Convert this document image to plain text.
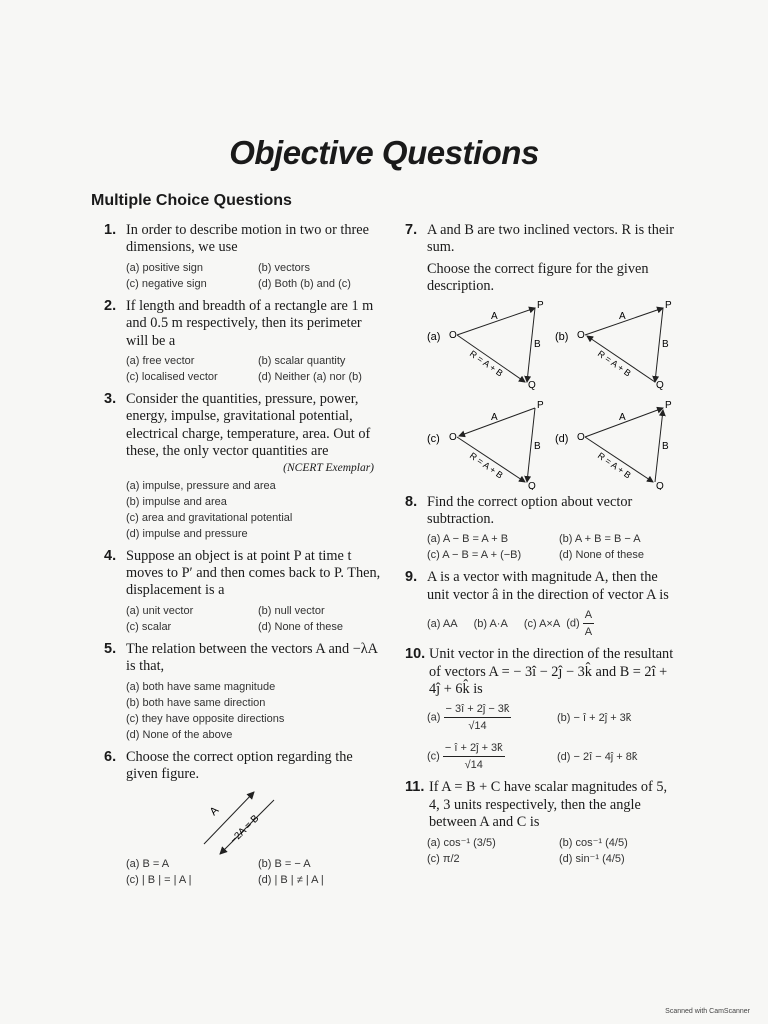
Objective Questions
Multiple Choice Questions
1. In order to describe motion in two or three dimensions, we use
(a) positive sign	(b) vectors
(c) negative sign	(d) Both (b) and (c)
2. If length and breadth of a rectangle are 1 m and 0.5 m respectively, then its perimeter will be a
(a) free vector	(b) scalar quantity
(c) localised vector	(d) Neither (a) nor (b)
3. Consider the quantities, pressure, power, energy, impulse, gravitational potential, electrical charge, temperature, area. Out of these, the only vector quantities are
(NCERT Exemplar)
(a) impulse, pressure and area
(b) impulse and area
(c) area and gravitational potential
(d) impulse and pressure
4. Suppose an object is at point P at time t moves to P′ and then comes back to P. Then, displacement is a
(a) unit vector	(b) null vector
(c) scalar	(d) None of these
5. The relation between the vectors A and −λA is that,
(a) both have same magnitude
(b) both have same direction
(c) they have opposite directions
(d) None of the above
6. Choose the correct option regarding the given figure.
A
−2A = B
(a) B = A	(b) B = − A
(c) | B | = | A |	(d) | B | ≠ | A |
7. A and B are two inclined vectors. R is their sum.
Choose the correct figure for the given description.
(a) O
P
Q
A
B
R = A + B
(b) O
P
Q
A
B
R = A + B
(c) O
P
Q
A
B
R = A + B
(d) O
P
Q
A
B
R = A + B
8. Find the correct option about vector subtraction.
(a) A − B = A + B	(b) A + B = B − A
(c) A − B = A + (−B)	(d) None of these
9. A is a vector with magnitude A, then the unit vector â in the direction of vector A is
(a) AA (b) A·A (c) A×A $(d) \frac{A}{A}$
10. Unit vector in the direction of the resultant of vectors A = − 3î − 2ĵ − 3k̂ and B = 2î + 4ĵ + 6k̂ is
$(a) \frac{- 3î + 2ĵ - 3k̂}{√14}$	(b) − î + 2ĵ + 3k̂
$(c) \frac{- î + 2ĵ + 3k̂}{√14}$	(d) − 2î − 4ĵ + 8k̂
11. If A = B + C have scalar magnitudes of 5, 4, 3 units respectively, then the angle between A and C is
(a) cos⁻¹ (3/5)	(b) cos⁻¹ (4/5)
(c) π/2	(d) sin⁻¹ (4/5)
Scanned with CamScanner
